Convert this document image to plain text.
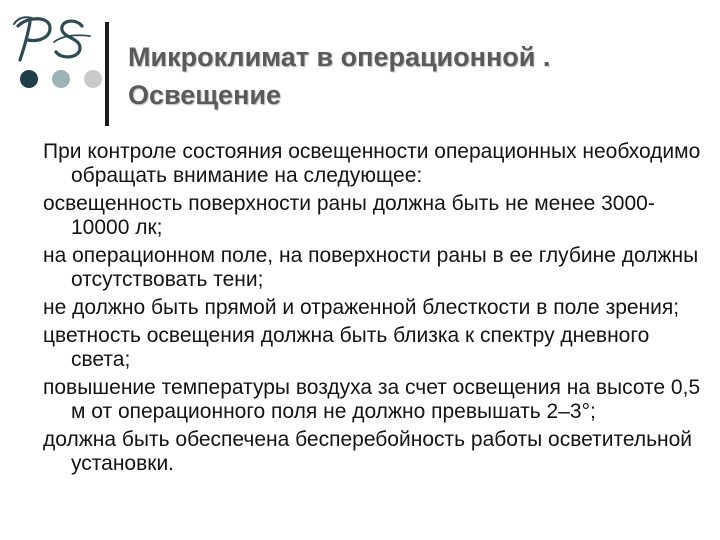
Микроклимат в операционной . Освещение
При контроле состояния освещенности операционных необходимо обращать внимание на следующее:
освещенность поверхности раны должна быть не менее 3000-10000 лк;
на операционном поле, на поверхности раны в ее глубине должны отсутствовать тени;
не должно быть прямой и отраженной блесткости в поле зрения;
цветность освещения должна быть близка к спектру дневного света;
повышение температуры воздуха за счет освещения на высоте 0,5 м от операционного поля не должно превышать 2–3°;
должна быть обеспечена бесперебойность работы осветительной установки.
